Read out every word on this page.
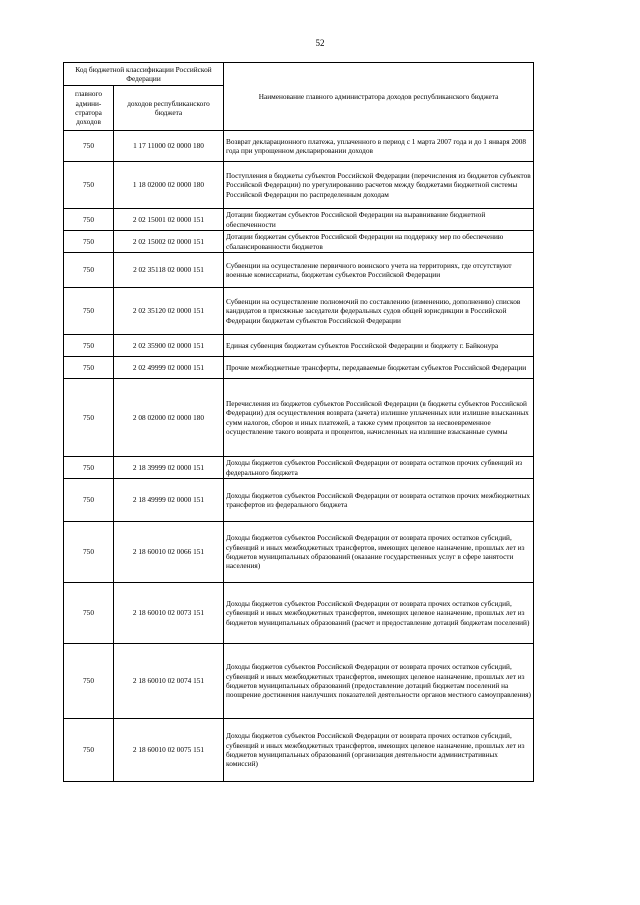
52
Код бюджетной классификации Российской Федерации		Наименование главного администратора доходов республиканского бюджета
главного админи-стратора доходов	доходов республиканского бюджета	
750	1 17 11000 02 0000 180	Возврат декларационного платежа, уплаченного в период с 1 марта 2007 года и до 1 января 2008 года при упрощенном декларировании доходов
750	1 18 02000 02 0000 180	Поступления в бюджеты субъектов Российской Федерации (перечисления из бюджетов субъектов Российской Федерации) по урегулированию расчетов между бюджетами бюджетной системы Российской Федерации по распределенным доходам
750	2 02 15001 02 0000 151	Дотации бюджетам субъектов Российской Федерации на выравнивание бюджетной обеспеченности
750	2 02 15002 02 0000 151	Дотации бюджетам субъектов Российской Федерации на поддержку мер по обеспечению сбалансированности бюджетов
750	2 02 35118 02 0000 151	Субвенции на осуществление первичного воинского учета на территориях, где отсутствуют военные комиссариаты, бюджетам субъектов Российской Федерации
750	2 02 35120 02 0000 151	Субвенции на осуществление полномочий по составлению (изменению, дополнению) списков кандидатов в присяжные заседатели федеральных судов общей юрисдикции в Российской Федерации бюджетам субъектов Российской Федерации
750	2 02 35900 02 0000 151	Единая субвенция бюджетам субъектов Российской Федерации и бюджету г. Байконура
750	2 02 49999 02 0000 151	Прочие межбюджетные трансферты, передаваемые бюджетам субъектов Российской Федерации
750	2 08 02000 02 0000 180	Перечисления из бюджетов субъектов Российской Федерации (в бюджеты субъектов Российской Федерации) для осуществления возврата (зачета) излишне уплаченных или излишне взысканных сумм налогов, сборов и иных платежей, а также сумм процентов за несвоевременное осуществление такого возврата и процентов, начисленных на излишне взысканные суммы
750	2 18 39999 02 0000 151	Доходы бюджетов субъектов Российской Федерации от возврата остатков прочих субвенций из федерального бюджета
750	2 18 49999 02 0000 151	Доходы бюджетов субъектов Российской Федерации от возврата остатков прочих межбюджетных трансфертов из федерального бюджета
750	2 18 60010 02 0066 151	Доходы бюджетов субъектов Российской Федерации от возврата прочих остатков субсидий, субвенций и иных межбюджетных трансфертов, имеющих целевое назначение, прошлых лет из бюджетов муниципальных образований (оказание государственных услуг в сфере занятости населения)
750	2 18 60010 02 0073 151	Доходы бюджетов субъектов Российской Федерации от возврата прочих остатков субсидий, субвенций и иных межбюджетных трансфертов, имеющих целевое назначение, прошлых лет из бюджетов муниципальных образований (расчет и предоставление дотаций бюджетам поселений)
750	2 18 60010 02 0074 151	Доходы бюджетов субъектов Российской Федерации от возврата прочих остатков субсидий, субвенций и иных межбюджетных трансфертов, имеющих целевое назначение, прошлых лет из бюджетов муниципальных образований (предоставление дотаций бюджетам поселений на поощрение достижения наилучших показателей деятельности органов местного самоуправления)
750	2 18 60010 02 0075 151	Доходы бюджетов субъектов Российской Федерации от возврата прочих остатков субсидий, субвенций и иных межбюджетных трансфертов, имеющих целевое назначение, прошлых лет из бюджетов муниципальных образований (организация деятельности административных комиссий)
